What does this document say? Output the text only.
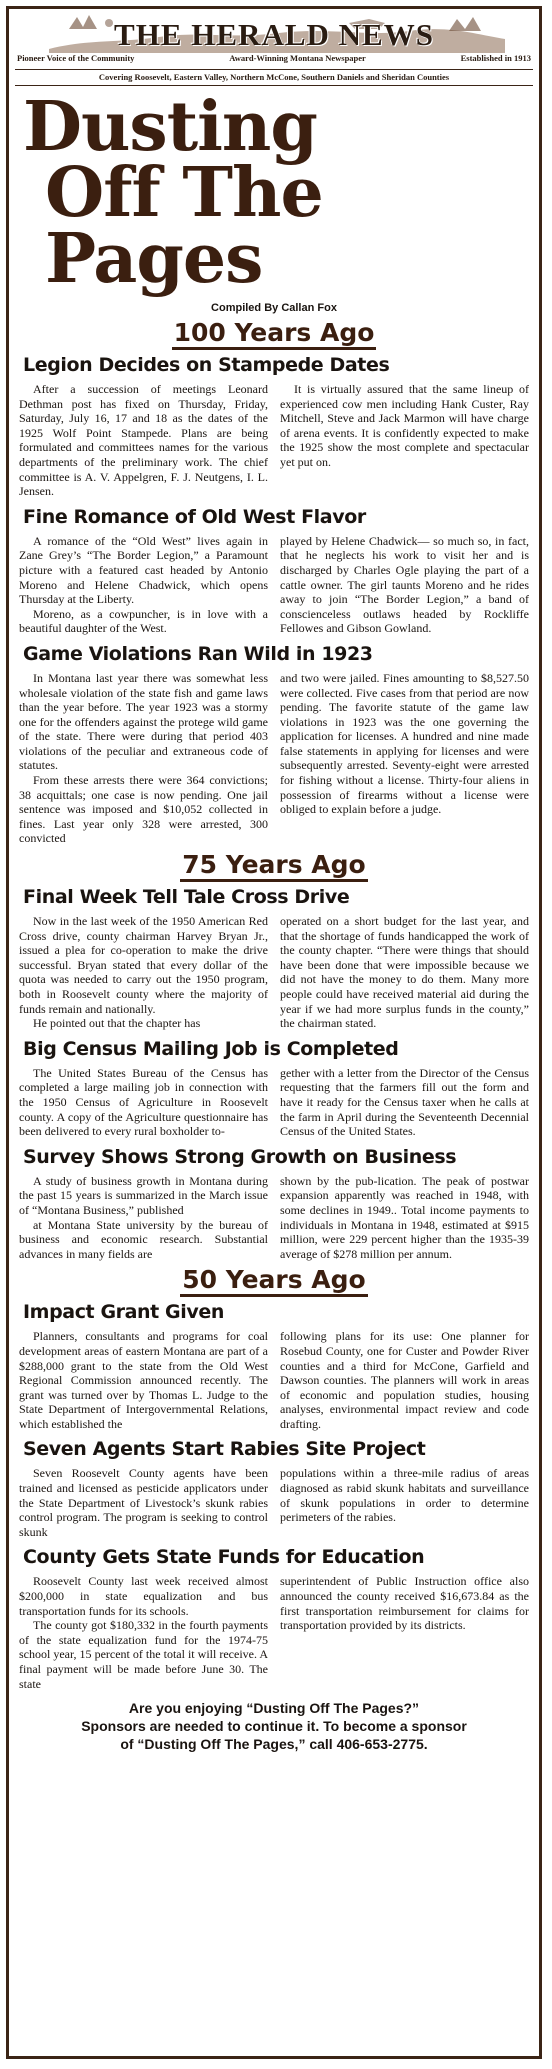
THE HERALD NEWS
Pioneer Voice of the Community	Award-Winning Montana Newspaper	Established in 1913
Covering Roosevelt, Eastern Valley, Northern McCone, Southern Daniels and Sheridan Counties
Dusting
Off The Pages
Compiled By Callan Fox
100 Years Ago
Legion Decides on Stampede Dates

After a succession of meetings Leonard Dethman post has fixed on Thursday, Friday, Saturday, July 16, 17 and 18 as the dates of the 1925 Wolf Point Stampede. Plans are being formulated and committees names for the various departments of the preliminary work. The chief committee is A. V. Appelgren, F. J. Neutgens, I. L. Jensen.

It is virtually assured that the same lineup of experienced cow men including Hank Custer, Ray Mitchell, Steve and Jack Marmon will have charge of arena events. It is confidently expected to make the 1925 show the most complete and spectacular yet put on.

Fine Romance of Old West Flavor

A romance of the “Old West” lives again in Zane Grey’s “The Border Legion,” a Paramount picture with a featured cast headed by Antonio Moreno and Helene Chadwick, which opens Thursday at the Liberty.

Moreno, as a cowpuncher, is in love with a beautiful daughter of the West.

played by Helene Chadwick— so much so, in fact, that he neglects his work to visit her and is discharged by Charles Ogle playing the part of a cattle owner. The girl taunts Moreno and he rides away to join “The Border Legion,” a band of conscienceless outlaws headed by Rockliffe Fellowes and Gibson Gowland.

Game Violations Ran Wild in 1923

In Montana last year there was somewhat less wholesale violation of the state fish and game laws than the year before. The year 1923 was a stormy one for the offenders against the protege wild game of the state. There were during that period 403 violations of the peculiar and extraneous code of statutes.

From these arrests there were 364 convictions; 38 acquittals; one case is now pending. One jail sentence was imposed and $10,052 collected in fines. Last year only 328 were arrested, 300 convicted

and two were jailed. Fines amounting to $8,527.50 were collected. Five cases from that period are now pending. The favorite statute of the game law violations in 1923 was the one governing the application for licenses. A hundred and nine made false statements in applying for licenses and were subsequently arrested. Seventy-eight were arrested for fishing without a license. Thirty-four aliens in possession of firearms without a license were obliged to explain before a judge.

75 Years Ago
Final Week Tell Tale Cross Drive

Now in the last week of the 1950 American Red Cross drive, county chairman Harvey Bryan Jr., issued a plea for co-operation to make the drive successful. Bryan stated that every dollar of the quota was needed to carry out the 1950 program, both in Roosevelt county where the majority of funds remain and nationally.

He pointed out that the chapter has

operated on a short budget for the last year, and that the shortage of funds handicapped the work of the county chapter. “There were things that should have been done that were impossible because we did not have the money to do them. Many more people could have received material aid during the year if we had more surplus funds in the county,” the chairman stated.

Big Census Mailing Job is Completed

The United States Bureau of the Census has completed a large mailing job in connection with the 1950 Census of Agriculture in Roosevelt county. A copy of the Agriculture questionnaire has been delivered to every rural boxholder to-

gether with a letter from the Director of the Census requesting that the farmers fill out the form and have it ready for the Census taxer when he calls at the farm in April during the Seventeenth Decennial Census of the United States.

Survey Shows Strong Growth on Business

A study of business growth in Montana during the past 15 years is summarized in the March issue of “Montana Business,” published

at Montana State university by the bureau of business and economic research. Substantial advances in many fields are

shown by the pub-lication. The peak of postwar expansion apparently was reached in 1948, with some declines in 1949.. Total income payments to individuals in Montana in 1948, estimated at $915 million, were 229 percent higher than the 1935-39 average of $278 million per annum.

50 Years Ago
Impact Grant Given

Planners, consultants and programs for coal development areas of eastern Montana are part of a $288,000 grant to the state from the Old West Regional Commission announced recently. The grant was turned over by Thomas L. Judge to the State Department of Intergovernmental Relations, which established the

following plans for its use: One planner for Rosebud County, one for Custer and Powder River counties and a third for McCone, Garfield and Dawson counties. The planners will work in areas of economic and population studies, housing analyses, environmental impact review and code drafting.

Seven Agents Start Rabies Site Project

Seven Roosevelt County agents have been trained and licensed as pesticide applicators under the State Department of Livestock’s skunk rabies control program. The program is seeking to control skunk

populations within a three-mile radius of areas diagnosed as rabid skunk habitats and surveillance of skunk populations in order to determine perimeters of the rabies.

County Gets State Funds for Education

Roosevelt County last week received almost $200,000 in state equalization and bus transportation funds for its schools.

The county got $180,332 in the fourth payments of the state equalization fund for the 1974-75 school year, 15 percent of the total it will receive. A final payment will be made before June 30. The state

superintendent of Public Instruction office also announced the county received $16,673.84 as the first transportation reimbursement for claims for transportation provided by its districts.

Are you enjoying “Dusting Off The Pages?”
Sponsors are needed to continue it. To become a sponsor
of “Dusting Off The Pages,” call 406-653-2775.
